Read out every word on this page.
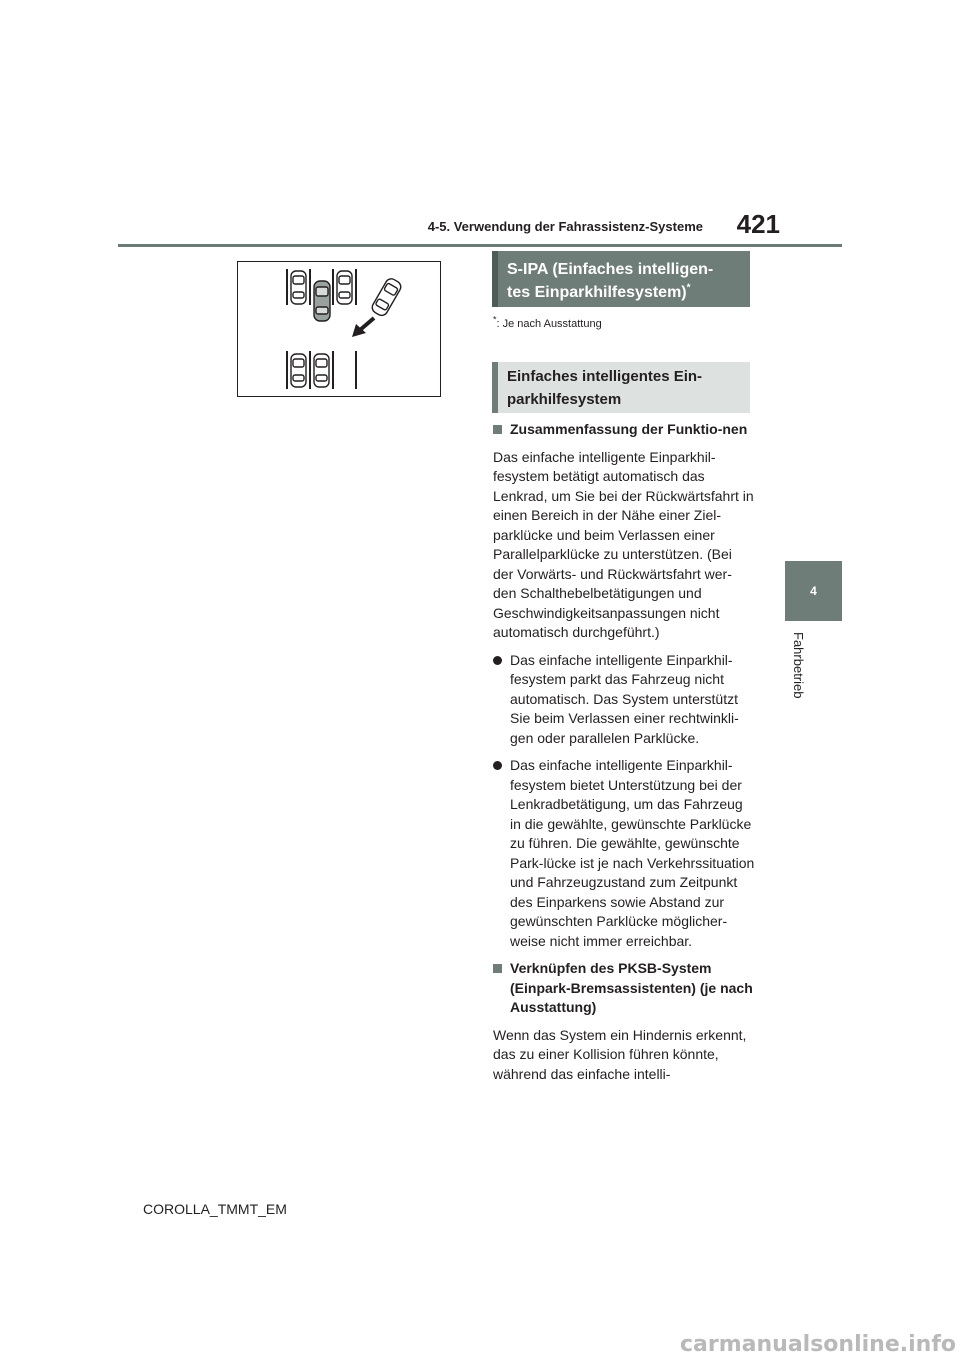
4-5. Verwendung der Fahrassistenz-Systeme	421
4
Fahrbetrieb
S-IPA (Einfaches intelligen-
tes Einparkhilfesystem)*
*: Je nach Ausstattung
Einfaches intelligentes Ein-
parkhilfesystem
Zusammenfassung der Funktio-nen

Das einfache intelligente Einparkhil-fesystem betätigt automatisch das Lenkrad, um Sie bei der Rückwärtsfahrt in einen Bereich in der Nähe einer Ziel-parklücke und beim Verlassen einer Parallelparklücke zu unterstützen. (Bei der Vorwärts- und Rückwärtsfahrt wer-den Schalthebelbetätigungen und Geschwindigkeitsanpassungen nicht automatisch durchgeführt.)

Das einfache intelligente Einparkhil-fesystem parkt das Fahrzeug nicht automatisch. Das System unterstützt Sie beim Verlassen einer rechtwinkli-gen oder parallelen Parklücke.
Das einfache intelligente Einparkhil-fesystem bietet Unterstützung bei der Lenkradbetätigung, um das Fahrzeug in die gewählte, gewünschte Parklücke zu führen. Die gewählte, gewünschte Park-lücke ist je nach Verkehrssituation und Fahrzeugzustand zum Zeitpunkt des Einparkens sowie Abstand zur gewünschten Parklücke möglicher-weise nicht immer erreichbar.
Verknüpfen des PKSB-System (Einpark-Bremsassistenten) (je nach Ausstattung)

Wenn das System ein Hindernis erkennt, das zu einer Kollision führen könnte, während das einfache intelli-

COROLLA_TMMT_EM
carmanualsonline.info
